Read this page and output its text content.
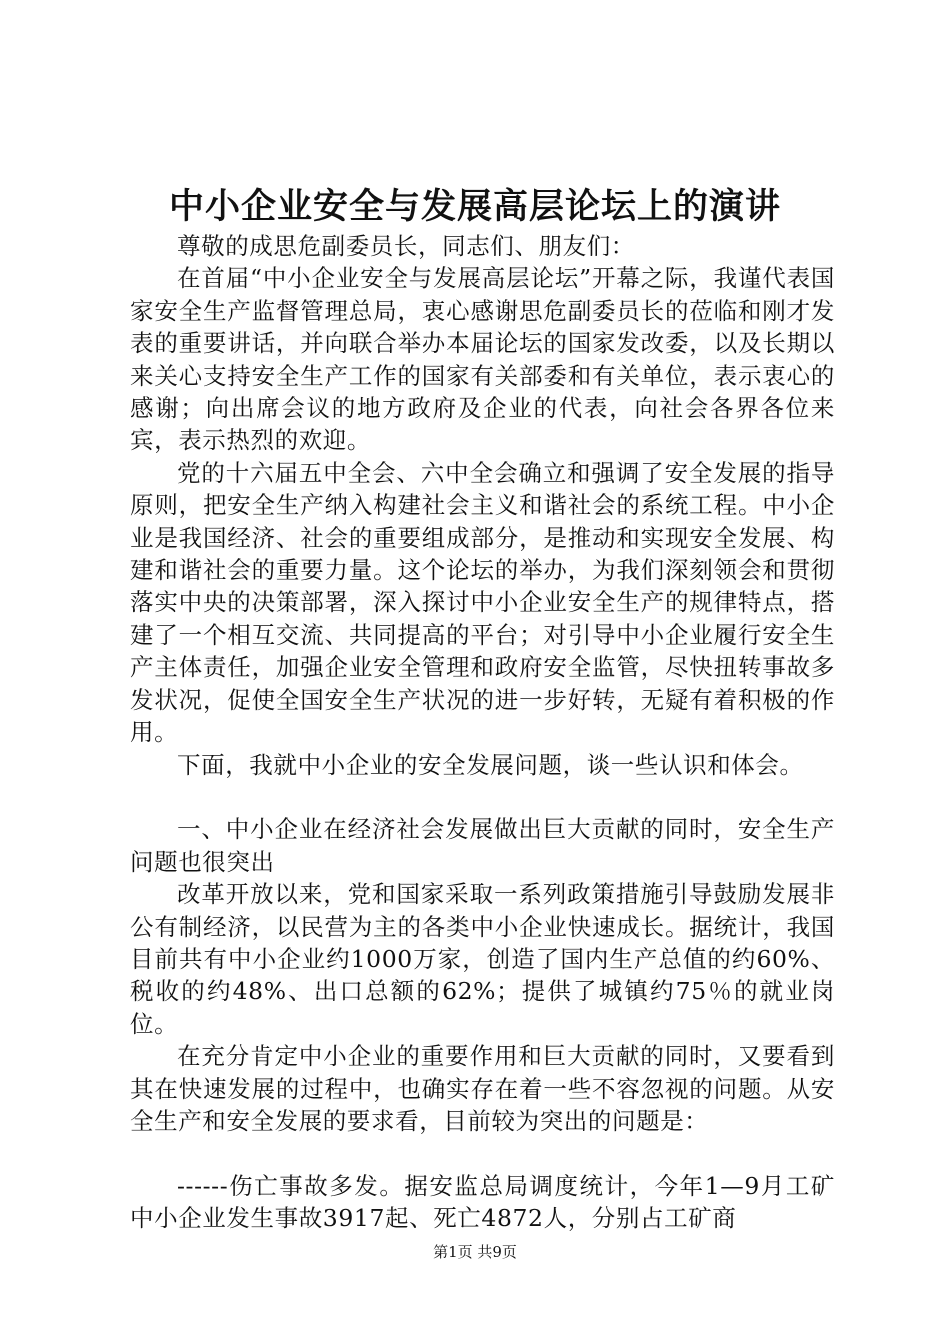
中小企业安全与发展高层论坛上的演讲

尊敬的成思危副委员长，同志们、朋友们：

在首届“中小企业安全与发展高层论坛”开幕之际，我谨代表国家安全生产监督管理总局，衷心感谢思危副委员长的莅临和刚才发表的重要讲话，并向联合举办本届论坛的国家发改委，以及长期以来关心支持安全生产工作的国家有关部委和有关单位，表示衷心的感谢；向出席会议的地方政府及企业的代表，向社会各界各位来宾，表示热烈的欢迎。

党的十六届五中全会、六中全会确立和强调了安全发展的指导原则，把安全生产纳入构建社会主义和谐社会的系统工程。中小企业是我国经济、社会的重要组成部分，是推动和实现安全发展、构建和谐社会的重要力量。这个论坛的举办，为我们深刻领会和贯彻落实中央的决策部署，深入探讨中小企业安全生产的规律特点，搭建了一个相互交流、共同提高的平台；对引导中小企业履行安全生产主体责任，加强企业安全管理和政府安全监管，尽快扭转事故多发状况，促使全国安全生产状况的进一步好转，无疑有着积极的作用。

下面，我就中小企业的安全发展问题，谈一些认识和体会。

一、中小企业在经济社会发展做出巨大贡献的同时，安全生产问题也很突出

改革开放以来，党和国家采取一系列政策措施引导鼓励发展非公有制经济，以民营为主的各类中小企业快速成长。据统计，我国目前共有中小企业约1000万家，创造了国内生产总值的约60%、税收的约48%、出口总额的62%；提供了城镇约75％的就业岗位。

在充分肯定中小企业的重要作用和巨大贡献的同时，又要看到其在快速发展的过程中，也确实存在着一些不容忽视的问题。从安全生产和安全发展的要求看，目前较为突出的问题是：

------伤亡事故多发。据安监总局调度统计，今年1—9月工矿中小企业发生事故3917起、死亡4872人，分别占工矿商

第1页 共9页
